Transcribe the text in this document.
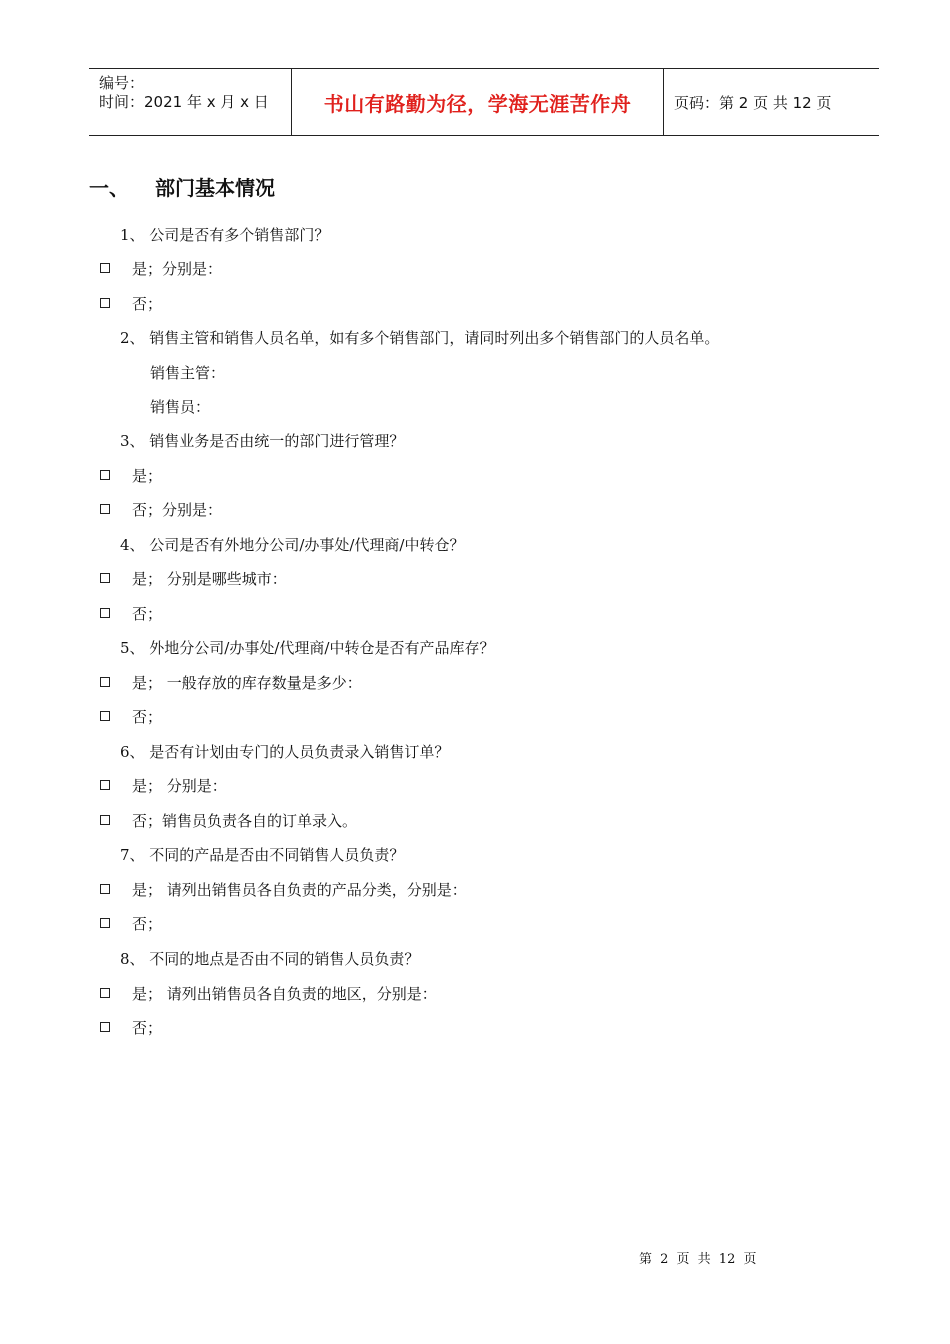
编号：
时间：2021 年 x 月 x 日	书山有路勤为径，学海无涯苦作舟	页码：第 2 页 共 12 页
一、 部门基本情况
1、 公司是否有多个销售部门？
是；分别是：
否；
2、 销售主管和销售人员名单，如有多个销售部门，请同时列出多个销售部门的人员名单。
销售主管：
销售员：
3、 销售业务是否由统一的部门进行管理？
是；
否；分别是：
4、 公司是否有外地分公司/办事处/代理商/中转仓？
是； 分别是哪些城市：
否；
5、 外地分公司/办事处/代理商/中转仓是否有产品库存？
是； 一般存放的库存数量是多少：
否；
6、 是否有计划由专门的人员负责录入销售订单？
是； 分别是：
否；销售员负责各自的订单录入。
7、 不同的产品是否由不同销售人员负责？
是； 请列出销售员各自负责的产品分类，分别是：
否；
8、 不同的地点是否由不同的销售人员负责？
是； 请列出销售员各自负责的地区，分别是：
否；
第 2 页 共 12 页
